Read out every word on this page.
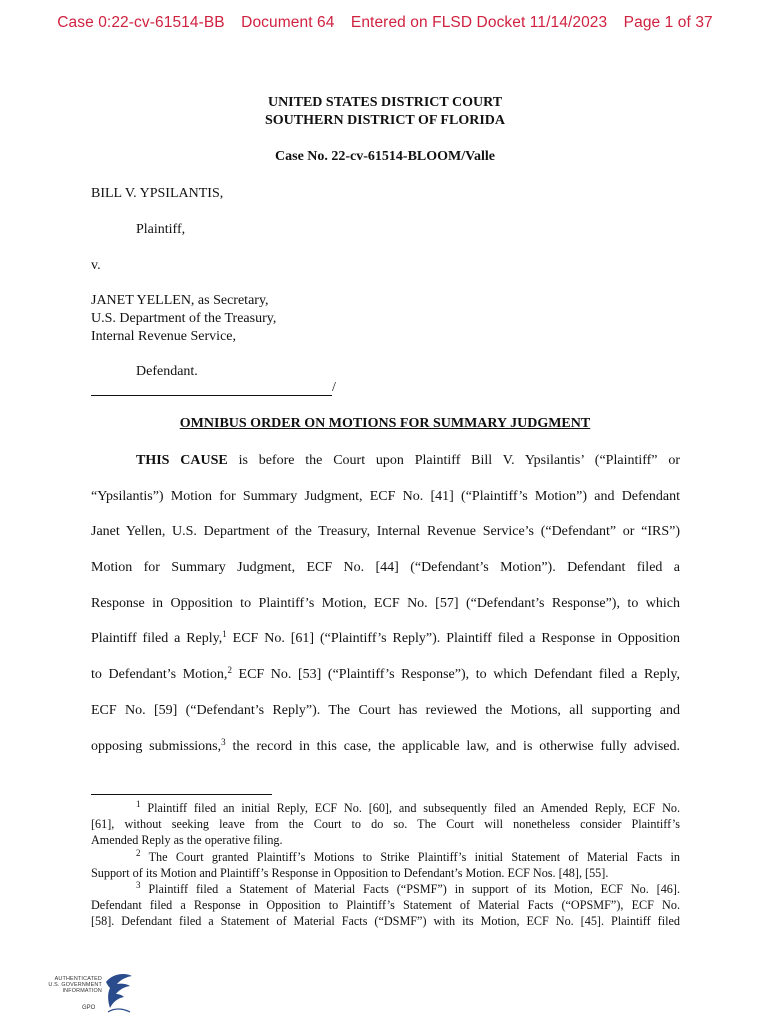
Case 0:22-cv-61514-BB Document 64 Entered on FLSD Docket 11/14/2023 Page 1 of 37
UNITED STATES DISTRICT COURT
SOUTHERN DISTRICT OF FLORIDA
Case No. 22-cv-61514-BLOOM/Valle
BILL V. YPSILANTIS,
Plaintiff,
v.
JANET YELLEN, as Secretary,
U.S. Department of the Treasury,
Internal Revenue Service,
Defendant.
/
OMNIBUS ORDER ON MOTIONS FOR SUMMARY JUDGMENT
THIS CAUSE is before the Court upon Plaintiff Bill V. Ypsilantis’ (“Plaintiff” or
“Ypsilantis”) Motion for Summary Judgment, ECF No. [41] (“Plaintiff’s Motion”) and Defendant
Janet Yellen, U.S. Department of the Treasury, Internal Revenue Service’s (“Defendant” or “IRS”)
Motion for Summary Judgment, ECF No. [44] (“Defendant’s Motion”). Defendant filed a
Response in Opposition to Plaintiff’s Motion, ECF No. [57] (“Defendant’s Response”), to which
Plaintiff filed a Reply,$^1$ ECF No. [61] (“Plaintiff’s Reply”). Plaintiff filed a Response in Opposition
to Defendant’s Motion,$^2$ ECF No. [53] (“Plaintiff’s Response”), to which Defendant filed a Reply,
ECF No. [59] (“Defendant’s Reply”). The Court has reviewed the Motions, all supporting and
opposing submissions,$^3$ the record in this case, the applicable law, and is otherwise fully advised.
$^1$ Plaintiff filed an initial Reply, ECF No. [60], and subsequently filed an Amended Reply, ECF No.
[61], without seeking leave from the Court to do so. The Court will nonetheless consider Plaintiff’s
Amended Reply as the operative filing.
$^2$ The Court granted Plaintiff’s Motions to Strike Plaintiff’s initial Statement of Material Facts in
Support of its Motion and Plaintiff’s Response in Opposition to Defendant’s Motion. ECF Nos. [48], [55].
$^3$ Plaintiff filed a Statement of Material Facts (“PSMF”) in support of its Motion, ECF No. [46].
Defendant filed a Response in Opposition to Plaintiff’s Statement of Material Facts (“OPSMF”), ECF No.
[58]. Defendant filed a Statement of Material Facts (“DSMF”) with its Motion, ECF No. [45]. Plaintiff filed
AUTHENTICATED
U.S. GOVERNMENT
INFORMATION
GPO
